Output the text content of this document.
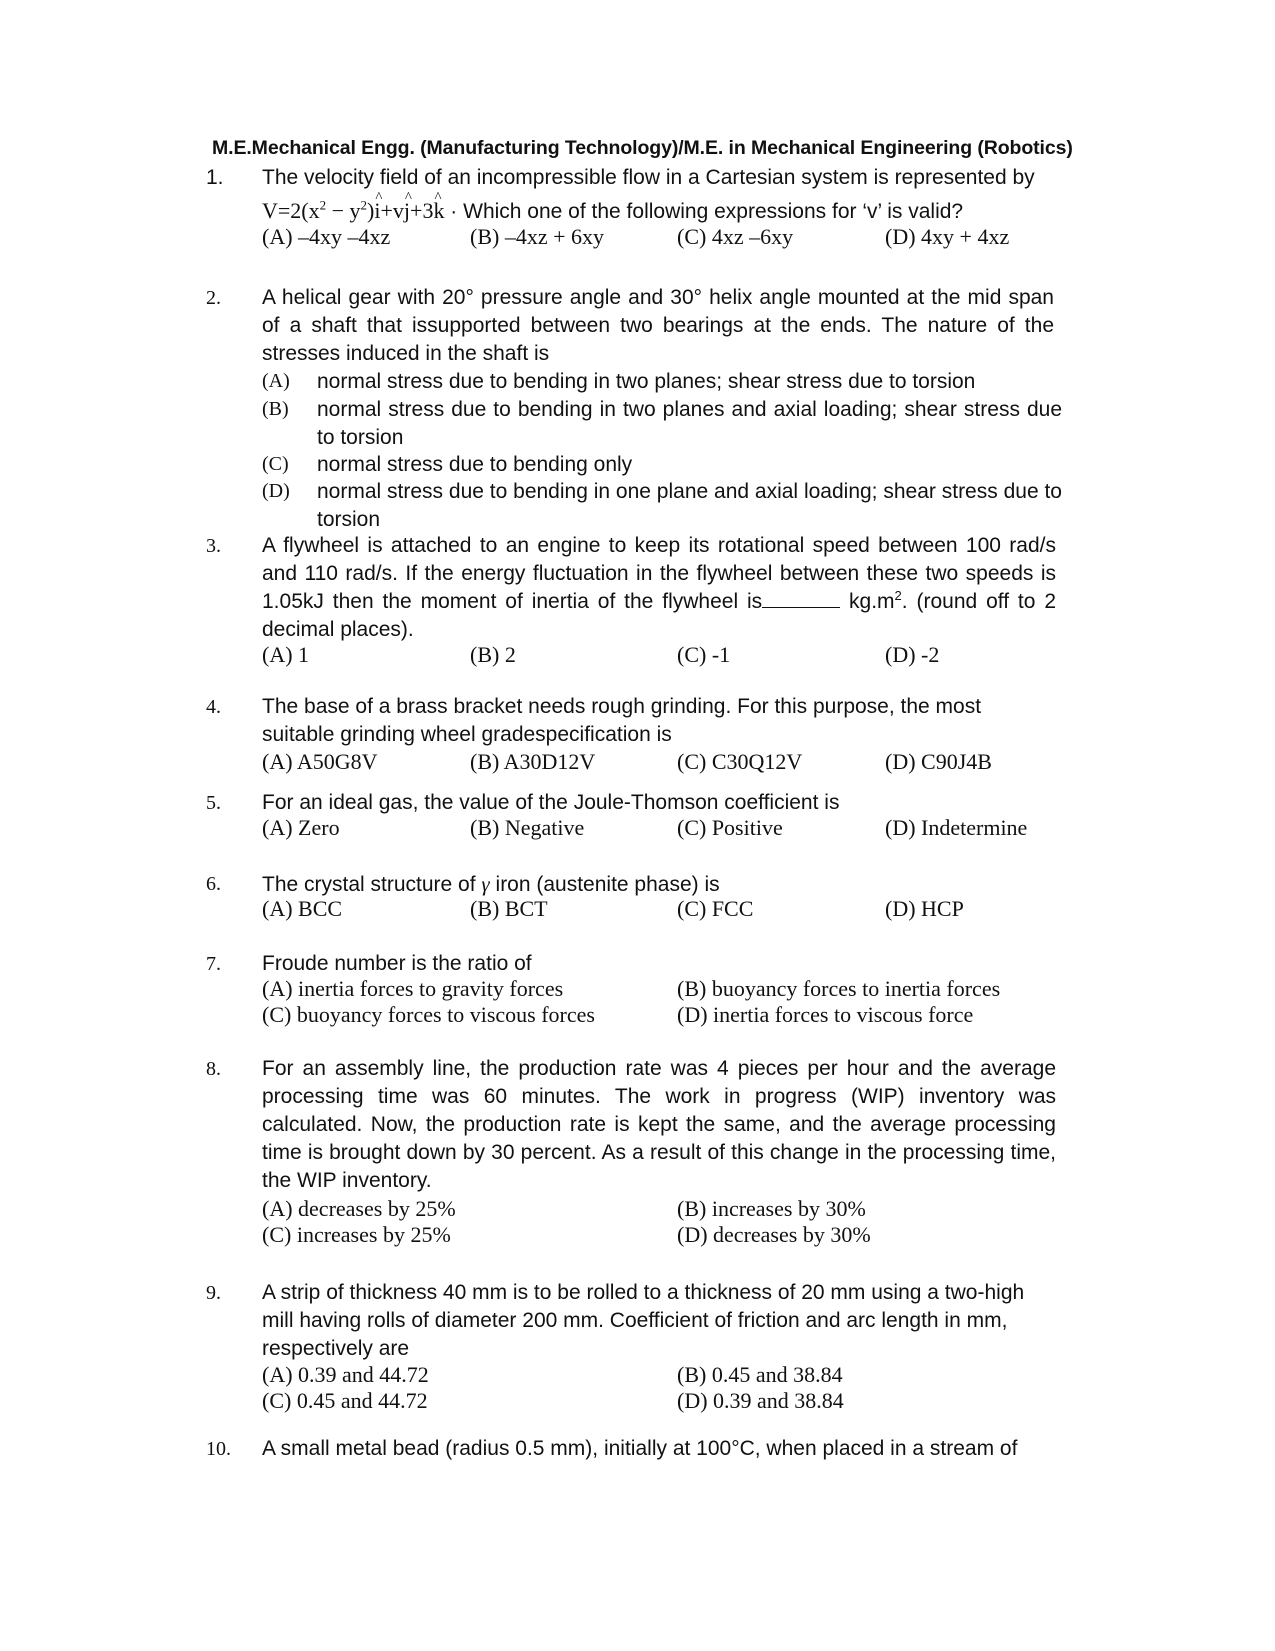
M.E.Mechanical Engg. (Manufacturing Technology)/M.E. in Mechanical Engineering (Robotics)
1. The velocity field of an incompressible flow in a Cartesian system is represented by
$V=2(x^2$ − $y^2)\^{}$ i+v^ j+3^ k · Which one of the following expressions for ‘v’ is valid?
(A) –4xy –4xz	(B) –4xz + 6xy	(C) 4xz –6xy	(D) 4xy + 4xz
2. A helical gear with 20° pressure angle and 30° helix angle mounted at the mid span of a shaft that issupported between two bearings at the ends. The nature of the stresses induced in the shaft is
(A) normal stress due to bending in two planes; shear stress due to torsion
(B) normal stress due to bending in two planes and axial loading; shear stress due to torsion
(C) normal stress due to bending only
(D) normal stress due to bending in one plane and axial loading; shear stress due to torsion
3. A flywheel is attached to an engine to keep its rotational speed between 100 rad/s and 110 rad/s. If the energy fluctuation in the flywheel between these two speeds is 1.05kJ then the moment of inertia of the flywheel is	$kg.m^2$. (round off to 2 decimal places).
(A) 1	(B) 2	(C) -1	(D) -2
4. The base of a brass bracket needs rough grinding. For this purpose, the most suitable grinding wheel gradespecification is
(A) A50G8V	(B) A30D12V	(C) C30Q12V	(D) C90J4B
5. For an ideal gas, the value of the Joule-Thomson coefficient is
(A) Zero	(B) Negative	(C) Positive	(D) Indetermine
6. The crystal structure of γ iron (austenite phase) is
(A) BCC	(B) BCT	(C) FCC	(D) HCP
7. Froude number is the ratio of
(A) inertia forces to gravity forces	(B) buoyancy forces to inertia forces
(C) buoyancy forces to viscous forces	(D) inertia forces to viscous force
8. For an assembly line, the production rate was 4 pieces per hour and the average processing time was 60 minutes. The work in progress (WIP) inventory was calculated. Now, the production rate is kept the same, and the average processing time is brought down by 30 percent. As a result of this change in the processing time, the WIP inventory.
(A) decreases by 25%	(B) increases by 30%
(C) increases by 25%	(D) decreases by 30%
9. A strip of thickness 40 mm is to be rolled to a thickness of 20 mm using a two-high mill having rolls of diameter 200 mm. Coefficient of friction and arc length in mm, respectively are
(A) 0.39 and 44.72	(B) 0.45 and 38.84
(C) 0.45 and 44.72	(D) 0.39 and 38.84
10. A small metal bead (radius 0.5 mm), initially at 100°C, when placed in a stream of
